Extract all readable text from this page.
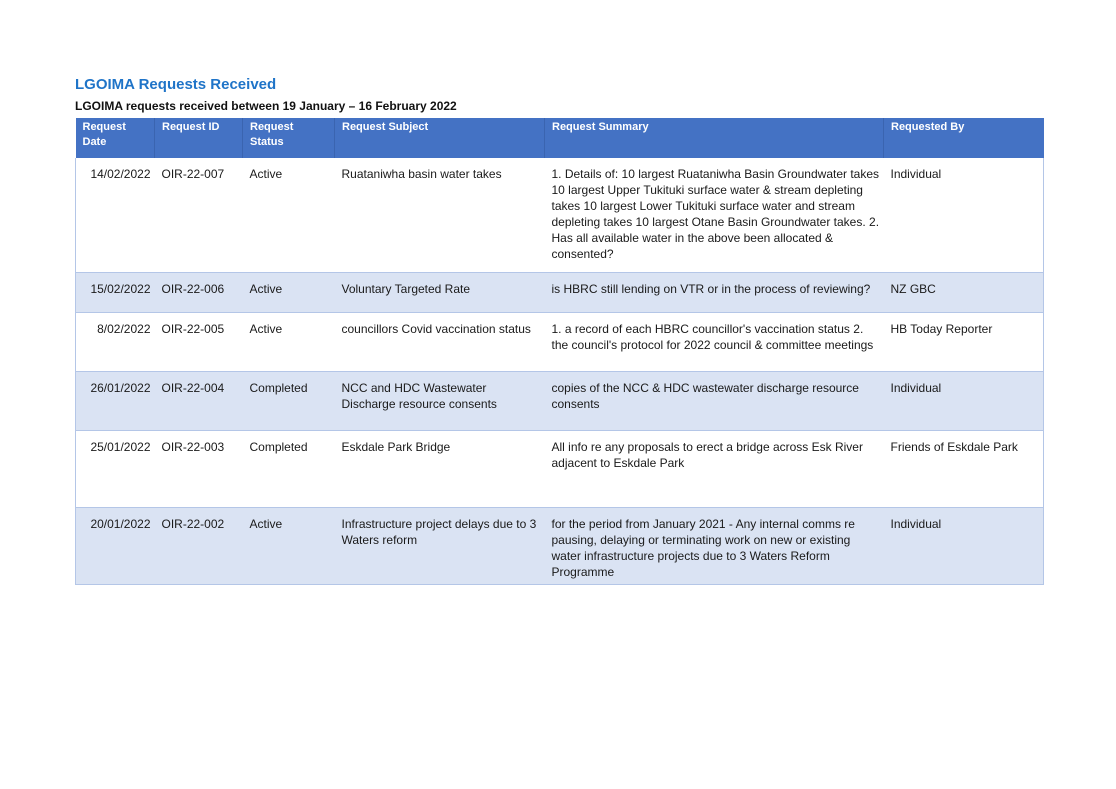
LGOIMA Requests Received
LGOIMA requests received between 19 January – 16 February 2022
Request Date	Request ID	Request Status	Request Subject	Request Summary	Requested By
14/02/2022	OIR-22-007	Active	Ruataniwha basin water takes	1. Details of: 10 largest Ruataniwha Basin Groundwater takes 10 largest Upper Tukituki surface water & stream depleting takes 10 largest Lower Tukituki surface water and stream depleting takes 10 largest Otane Basin Groundwater takes. 2. Has all available water in the above been allocated & consented?	Individual
15/02/2022	OIR-22-006	Active	Voluntary Targeted Rate	is HBRC still lending on VTR or in the process of reviewing?	NZ GBC
8/02/2022	OIR-22-005	Active	councillors Covid vaccination status	1. a record of each HBRC councillor's vaccination status 2. the council's protocol for 2022 council & committee meetings	HB Today Reporter
26/01/2022	OIR-22-004	Completed	NCC and HDC Wastewater Discharge resource consents	copies of the NCC & HDC wastewater discharge resource consents	Individual
25/01/2022	OIR-22-003	Completed	Eskdale Park Bridge	All info re any proposals to erect a bridge across Esk River adjacent to Eskdale Park	Friends of Eskdale Park
20/01/2022	OIR-22-002	Active	Infrastructure project delays due to 3 Waters reform	for the period from January 2021 - Any internal comms re pausing, delaying or terminating work on new or existing water infrastructure projects due to 3 Waters Reform Programme	Individual
